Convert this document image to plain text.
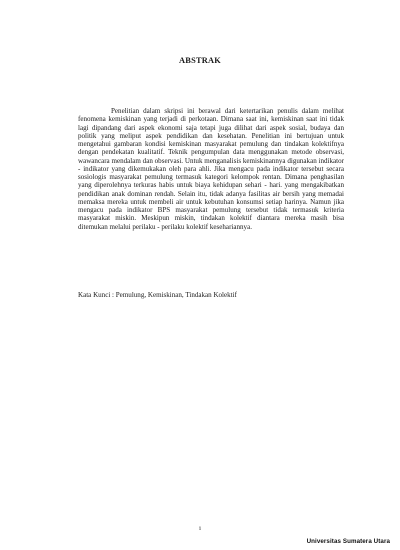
ABSTRAK

Penelitian dalam skripsi ini berawal dari ketertarikan penulis dalam melihat fenomena kemiskinan yang terjadi di perkotaan. Dimana saat ini, kemiskinan saat ini tidak lagi dipandang dari aspek ekonomi saja tetapi juga dilihat dari aspek sosial, budaya dan politik yang meliput aspek pendidikan dan kesehatan. Penelitian ini bertujuan untuk mengetahui gambaran kondisi kemiskinan masyarakat pemulung dan tindakan kolektifnya dengan pendekatan kualitatif. Teknik pengumpulan data menggunakan metode observasi, wawancara mendalam dan observasi. Untuk menganalisis kemiskinannya digunakan indikator - indikator yang dikemukakan oleh para ahli. Jika mengacu pada indikator tersebut secara sosiologis masyarakat pemulung termasuk kategori kelompok rentan. Dimana penghasilan yang diperolehnya terkuras habis untuk biaya kehidupan sehari - hari. yang mengakibatkan pendidikan anak dominan rendah. Selain itu, tidak adanya fasilitas air bersih yang memadai memaksa mereka untuk membeli air untuk kebutuhan konsumsi setiap harinya. Namun jika mengacu pada indikator BPS masyarakat pemulung tersebut tidak termasuk kriteria masyarakat miskin. Meskipun miskin, tindakan kolektif diantara mereka masih bisa ditemukan melalui perilaku - perilaku kolektif kesehariannya.

Kata Kunci : Pemulung, Kemiskinan, Tindakan Kolektif
i
Universitas Sumatera Utara
